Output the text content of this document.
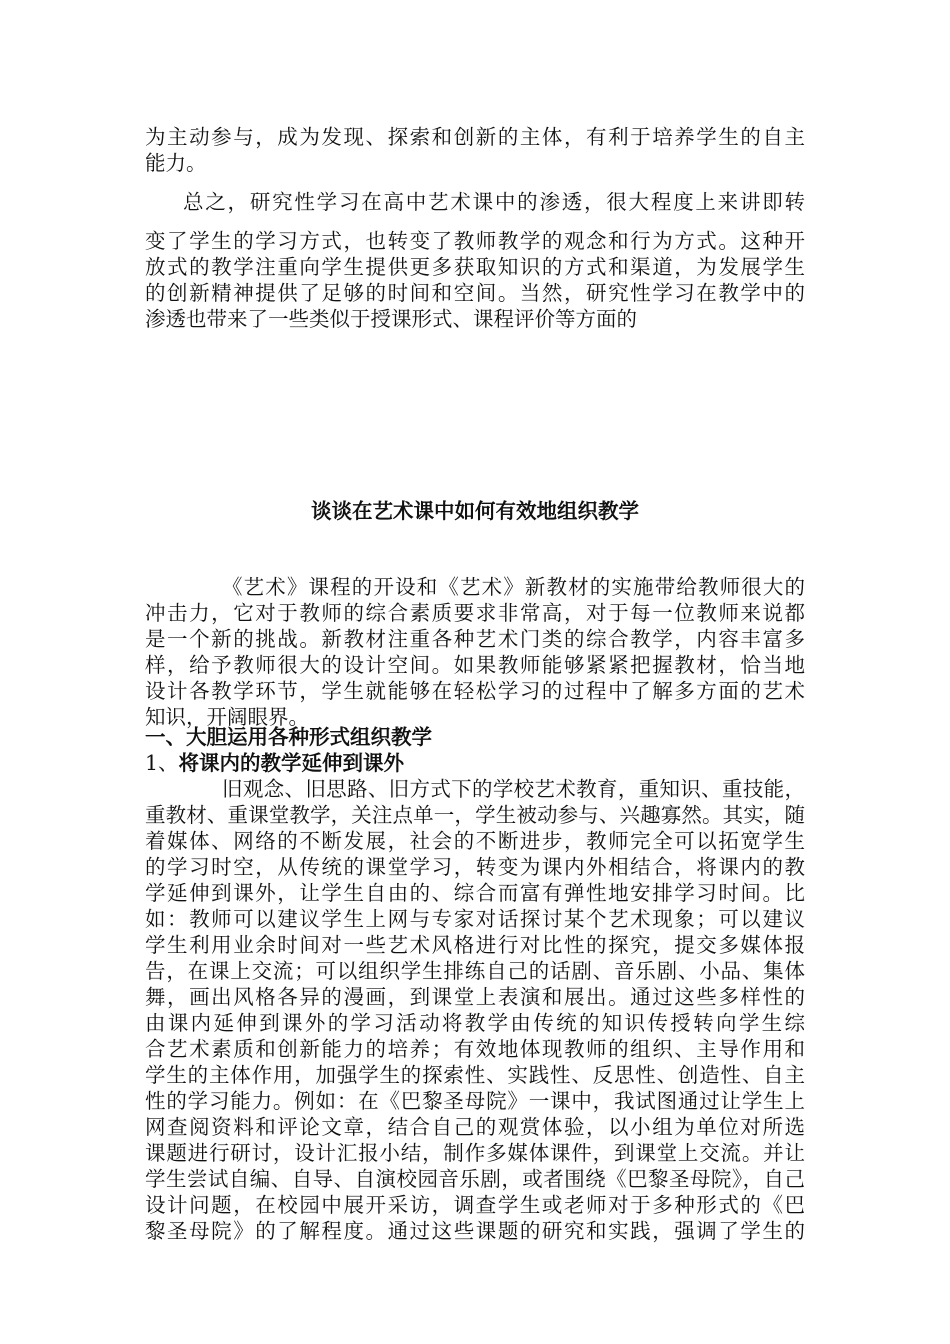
为主动参与，成为发现、探索和创新的主体，有利于培养学生的自主
能力。
总之，研究性学习在高中艺术课中的渗透，很大程度上来讲即转
变了学生的学习方式，也转变了教师教学的观念和行为方式。这种开
放式的教学注重向学生提供更多获取知识的方式和渠道，为发展学生
的创新精神提供了足够的时间和空间。当然，研究性学习在教学中的
渗透也带来了一些类似于授课形式、课程评价等方面的
谈谈在艺术课中如何有效地组织教学
《艺术》课程的开设和《艺术》新教材的实施带给教师很大的
冲击力，它对于教师的综合素质要求非常高，对于每一位教师来说都
是一个新的挑战。新教材注重各种艺术门类的综合教学，内容丰富多
样，给予教师很大的设计空间。如果教师能够紧紧把握教材，恰当地
设计各教学环节，学生就能够在轻松学习的过程中了解多方面的艺术
知识，开阔眼界。
一、大胆运用各种形式组织教学
1、将课内的教学延伸到课外
旧观念、旧思路、旧方式下的学校艺术教育，重知识、重技能，
重教材、重课堂教学，关注点单一，学生被动参与、兴趣寡然。其实，随
着媒体、网络的不断发展，社会的不断进步，教师完全可以拓宽学生
的学习时空，从传统的课堂学习，转变为课内外相结合，将课内的教
学延伸到课外，让学生自由的、综合而富有弹性地安排学习时间。比
如：教师可以建议学生上网与专家对话探讨某个艺术现象；可以建议
学生利用业余时间对一些艺术风格进行对比性的探究，提交多媒体报
告，在课上交流；可以组织学生排练自己的话剧、音乐剧、小品、集体
舞，画出风格各异的漫画，到课堂上表演和展出。通过这些多样性的
由课内延伸到课外的学习活动将教学由传统的知识传授转向学生综
合艺术素质和创新能力的培养；有效地体现教师的组织、主导作用和
学生的主体作用，加强学生的探索性、实践性、反思性、创造性、自主
性的学习能力。例如：在《巴黎圣母院》一课中，我试图通过让学生上
网查阅资料和评论文章，结合自己的观赏体验，以小组为单位对所选
课题进行研讨，设计汇报小结，制作多媒体课件，到课堂上交流。并让
学生尝试自编、自导、自演校园音乐剧，或者围绕《巴黎圣母院》，自己
设计问题，在校园中展开采访，调查学生或老师对于多种形式的《巴
黎圣母院》的了解程度。通过这些课题的研究和实践，强调了学生的
